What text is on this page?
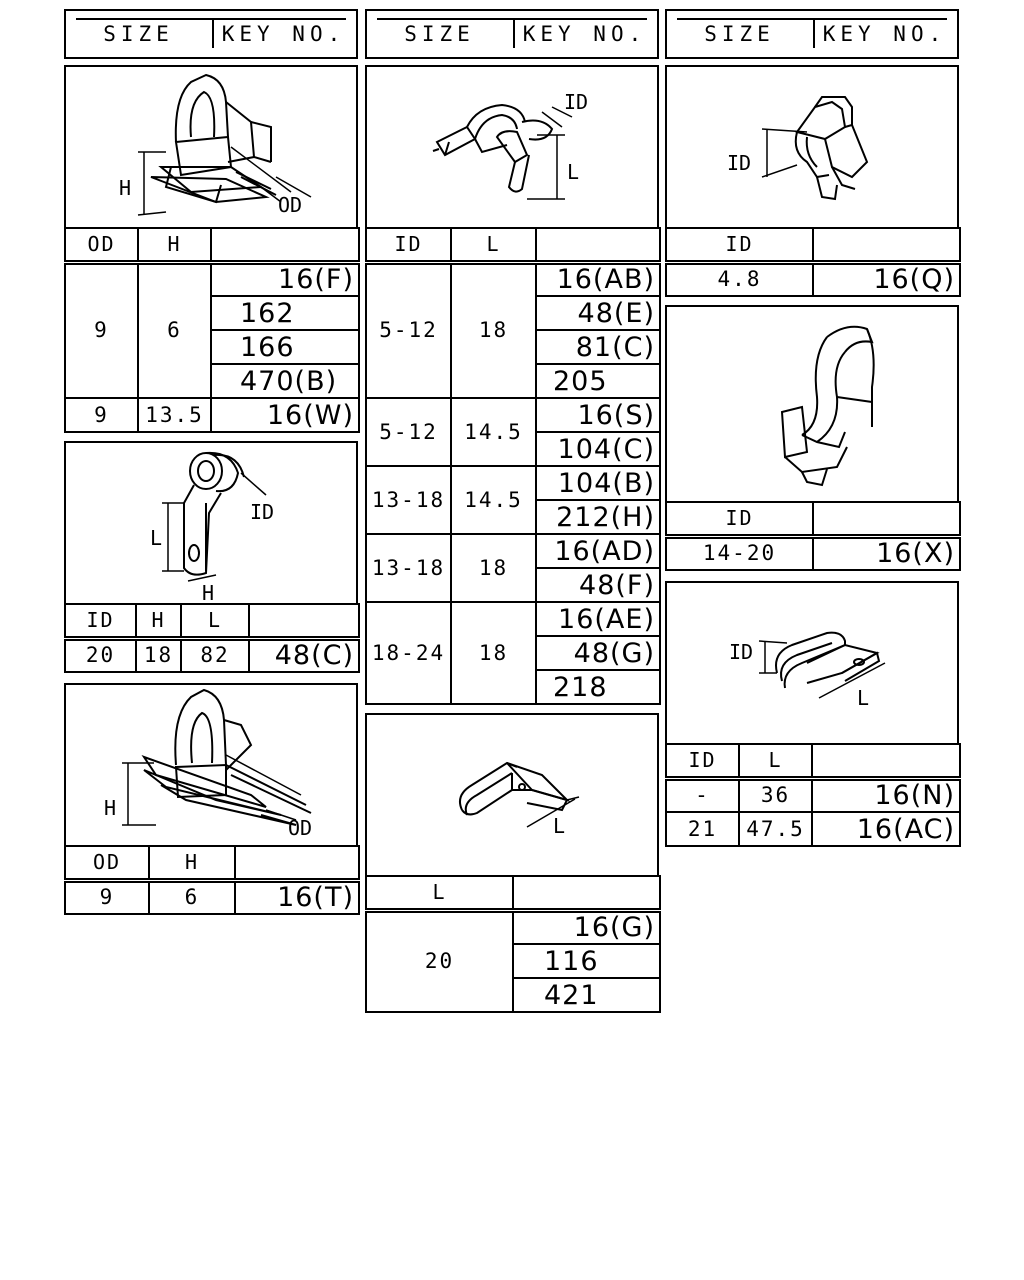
SIZE	KEY NO.	SIZE	KEY NO.	SIZE	KEY NO.
H
OD
OD	H	
9	6	16(F)
		162
		166
		470(B)
9	13.5	16(W)
L
ID
H
ID	H	L	
20	18	82	48(C)
H
OD
OD	H	
9	6	16(T)
ID
L
ID	L	
5-12	18	16(AB)
		48(E)
		81(C)
		205
5-12	14.5	16(S)
		104(C)
13-18	14.5	104(B)
		212(H)
13-18	18	16(AD)
		48(F)
18-24	18	16(AE)
		48(G)
		218
L
L	
20	16(G)
	116
	421
ID
ID	
4.8	16(Q)
ID	
14-20	16(X)
ID
L
ID	L	
-	36	16(N)
21	47.5	16(AC)
